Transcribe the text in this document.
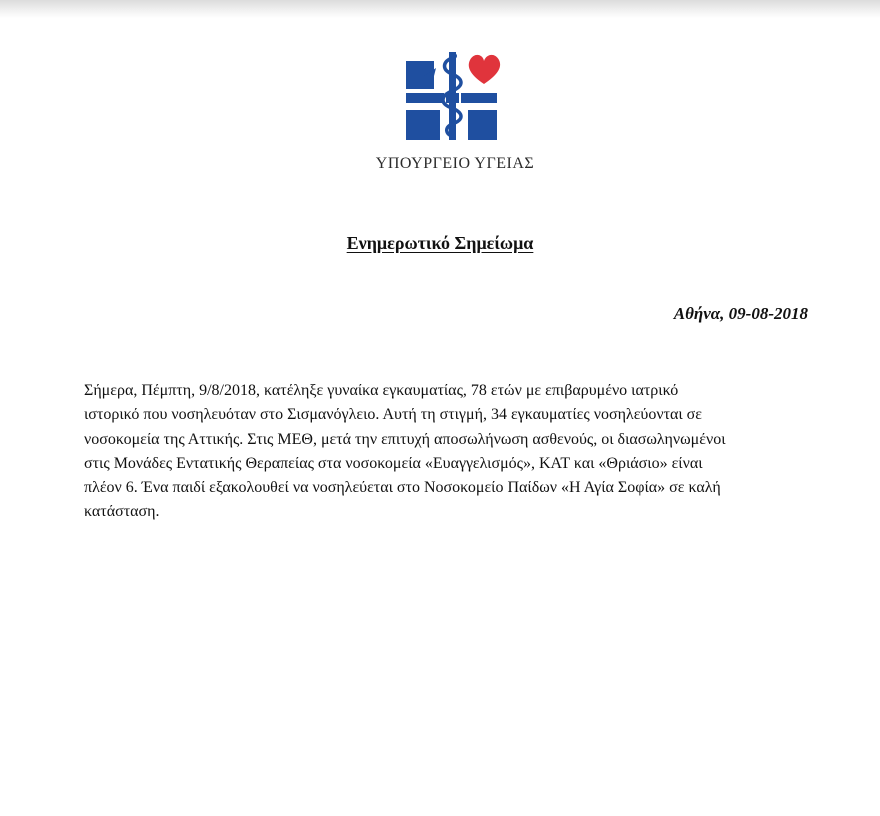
ΥΠΟΥΡΓΕΙΟ ΥΓΕΙΑΣ
Ενημερωτικό Σημείωμα
Αθήνα, 09-08-2018
Σήμερα, Πέμπτη, 9/8/2018, κατέληξε γυναίκα εγκαυματίας, 78 ετών με επιβαρυμένο ιατρικό
ιστορικό που νοσηλευόταν στο Σισμανόγλειο. Αυτή τη στιγμή, 34 εγκαυματίες νοσηλεύονται σε
νοσοκομεία της Αττικής. Στις ΜΕΘ, μετά την επιτυχή αποσωλήνωση ασθενούς, οι διασωληνωμένοι
στις Μονάδες Εντατικής Θεραπείας στα νοσοκομεία «Ευαγγελισμός», ΚΑΤ και «Θριάσιο» είναι
πλέον 6. Ένα παιδί εξακολουθεί να νοσηλεύεται στο Νοσοκομείο Παίδων «Η Αγία Σοφία» σε καλή
κατάσταση.
